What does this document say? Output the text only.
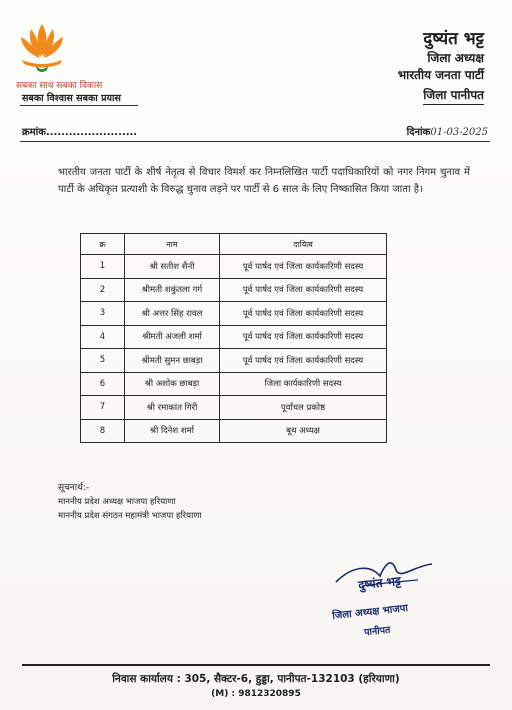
सबका साथ सबका विकास
सबका विश्वास सबका प्रयास
दुष्यंत भट्ट
जिला अध्यक्ष
भारतीय जनता पार्टी
जिला पानीपत
क्रमांक........................	दिनांक01-03-2025

भारतीय जनता पार्टी के शीर्ष नेतृत्व से विचार विमर्श कर निम्नलिखित पार्टी पदाधिकारियों को नगर निगम चुनाव में पार्टी के अधिकृत प्रत्याशी के विरुद्ध चुनाव लड़ने पर पार्टी से 6 साल के लिए निष्कासित किया जाता है।

क्र	नाम	दायित्व
1	श्री सतीश सैनी	पूर्व पार्षद एवं जिला कार्यकारिणी सदस्य
2	श्रीमती शकुंतला गर्ग	पूर्व पार्षद एवं जिला कार्यकारिणी सदस्य
3	श्री अत्तर सिंह रावल	पूर्व पार्षद एवं जिला कार्यकारिणी सदस्य
4	श्रीमती अंजली शर्मा	पूर्व पार्षद एवं जिला कार्यकारिणी सदस्य
5	श्रीमती सुमन छाबड़ा	पूर्व पार्षद एवं जिला कार्यकारिणी सदस्य
6	श्री अशोक छाबड़ा	जिला कार्यकारिणी सदस्य
7	श्री रमाकांत गिरी	पूर्वांचल प्रकोष्ठ
8	श्री दिनेश शर्मा	बूथ अध्यक्ष
सूचनार्थ:-
माननीय प्रदेश अध्यक्ष भाजपा हरियाणा
माननीय प्रदेश संगठन महामंत्री भाजपा हरियाणा
दुष्यंत भट्ट
जिला अध्यक्ष भाजपा
पानीपत
निवास कार्यालय : 305, सैक्टर-6, हुड्डा, पानीपत-132103 (हरियाणा)
(M) : 9812320895
